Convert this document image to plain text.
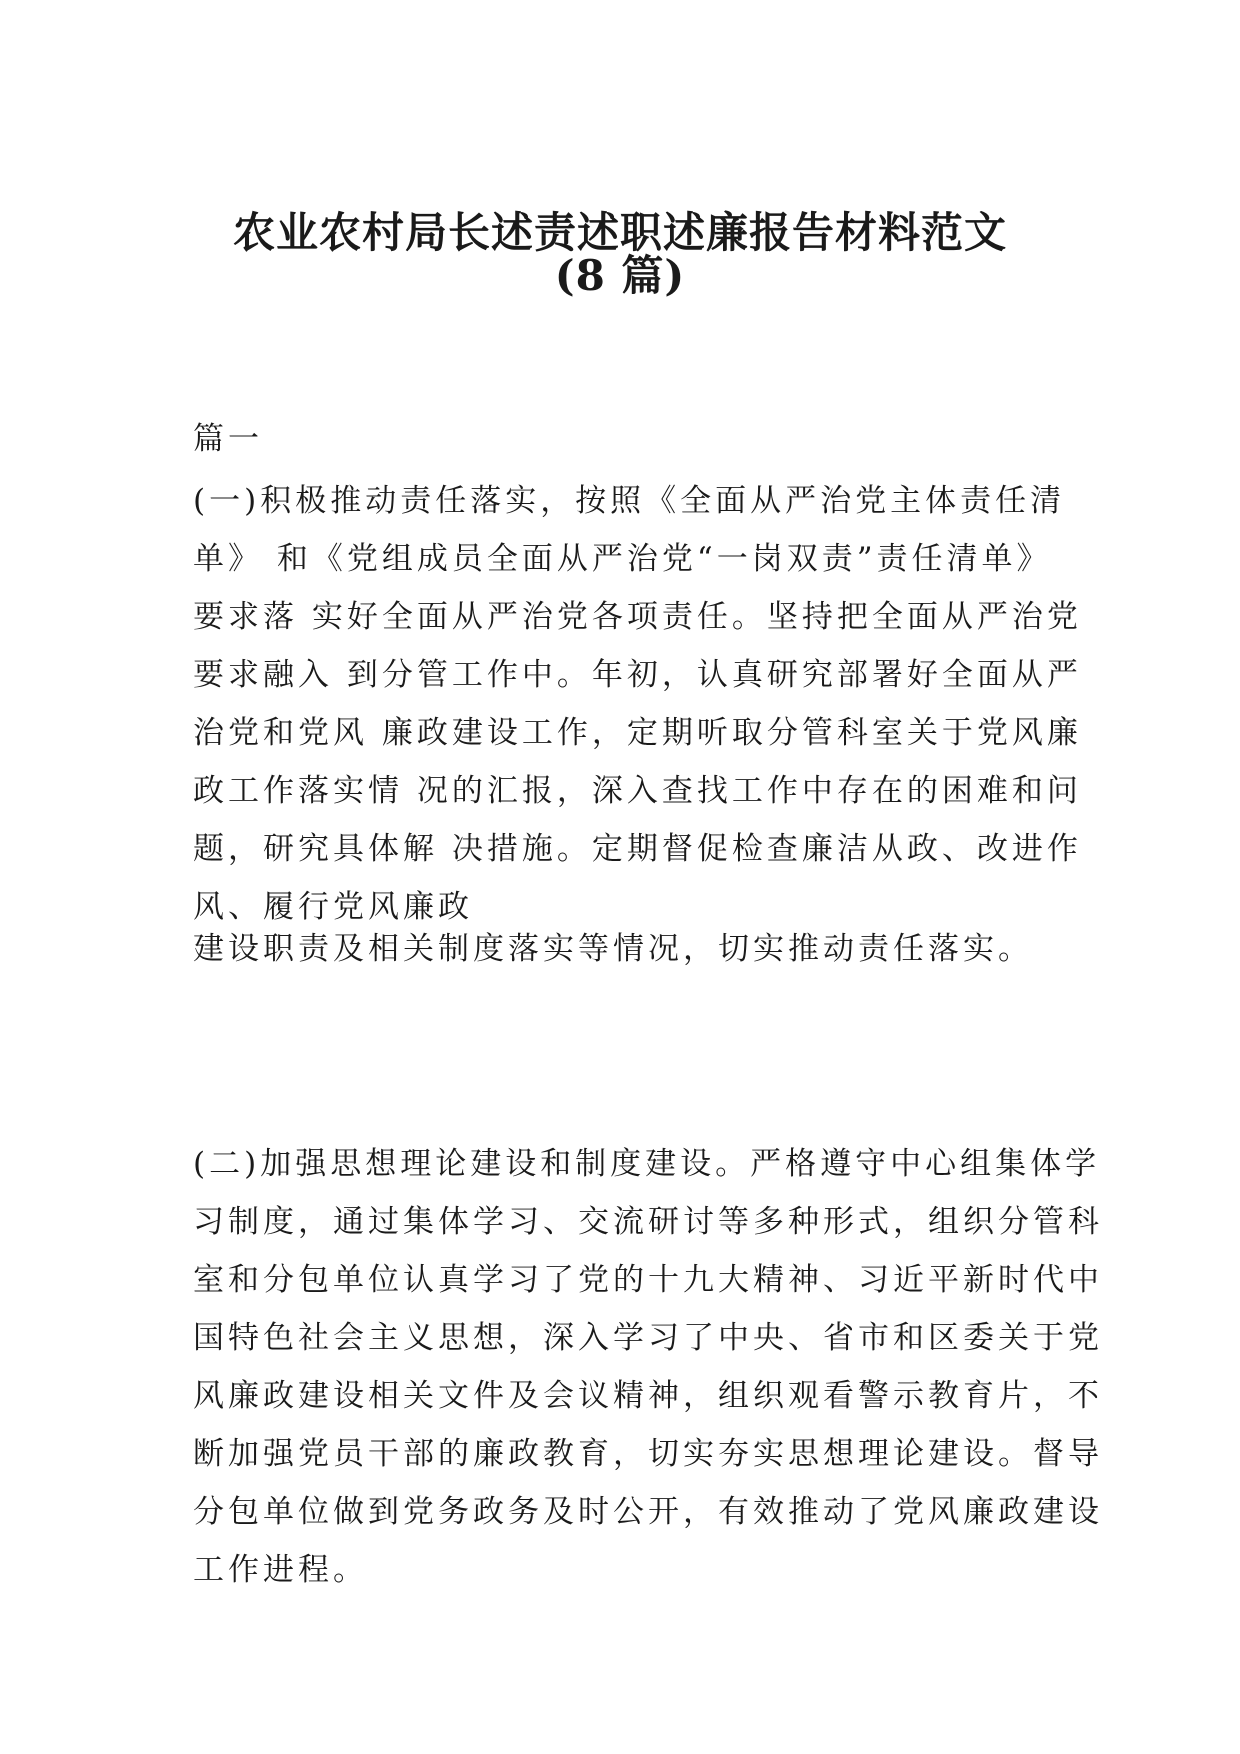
农业农村局长述责述职述廉报告材料范文
(8 篇)
篇一
(一)积极推动责任落实，按照《全面从严治党主体责任清
单》 和《党组成员全面从严治党“一岗双责”责任清单》
要求落 实好全面从严治党各项责任。坚持把全面从严治党
要求融入 到分管工作中。年初，认真研究部署好全面从严
治党和党风 廉政建设工作，定期听取分管科室关于党风廉
政工作落实情 况的汇报，深入查找工作中存在的困难和问
题，研究具体解 决措施。定期督促检查廉洁从政、改进作
风、履行党风廉政
建设职责及相关制度落实等情况，切实推动责任落实。
(二)加强思想理论建设和制度建设。严格遵守中心组集体学
习制度，通过集体学习、交流研讨等多种形式，组织分管科
室和分包单位认真学习了党的十九大精神、习近平新时代中
国特色社会主义思想，深入学习了中央、省市和区委关于党
风廉政建设相关文件及会议精神，组织观看警示教育片，不
断加强党员干部的廉政教育，切实夯实思想理论建设。督导
分包单位做到党务政务及时公开，有效推动了党风廉政建设
工作进程。
